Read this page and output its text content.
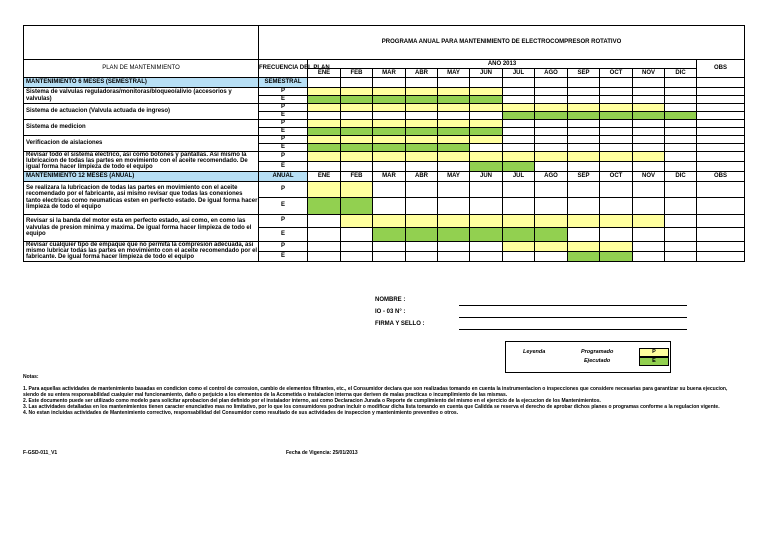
	PROGRAMA ANUAL PARA MANTENIMIENTO DE ELECTROCOMPRESOR ROTATIVO													
PLAN DE MANTENIMIENTO	FRECUENCIA DEL PLAN	AÑO 2013												OBS
		ENE	FEB	MAR	ABR	MAY	JUN	JUL	AGO	SEP	OCT	NOV	DIC	
MANTENIMIENTO 6 MESES (SEMESTRAL)	SEMESTRAL													
Sistema de valvulas reguladoras/monitoras/bloqueo/alivio (accesorios y valvulas)	P													
	E													
Sistema de actuacion (Valvula actuada de ingreso)	P													
	E													
Sistema de medicion	P													
	E													
Verificacion de aislaciones	P													
	E													
Revisar todo el sistema electrico, asi como botones y pantallas. Asi mismo la lubricacion de todas las partes en movimiento con el aceite recomendado. De igual forma hacer limpieza de todo el equipo	P													
	E													
MANTENIMIENTO 12 MESES (ANUAL)	ANUAL	ENE	FEB	MAR	ABR	MAY	JUN	JUL	AGO	SEP	OCT	NOV	DIC	OBS
Se realizara la lubricacion de todas las partes en movimiento con el aceite recomendado por el fabricante, asi mismo revisar que todas las conexiones tanto electricas como neumaticas esten en perfecto estado. De igual forma hacer limpieza de todo el equipo	P													
	E													
Revisar si la banda del motor esta en perfecto estado, asi como, en como las valvulas de presion minima y maxima. De igual forma hacer limpieza de todo el equipo	P													
	E													
Revisar cualquier tipo de empaque que no permita la compresion adecuada, asi mismo lubricar todas las partes en movimiento con el aceite recomendado por el fabricante. De igual forma hacer limpieza de todo el equipo	P													
	E													
NOMBRE :
IO - 03 N° :
FIRMA Y SELLO :
Leyenda	Programado
Ejecutado
P
E

Notas:

1. Para aquellas actividades de mantenimiento basadas en condicion como el control de corrosion, cambio de elementos filtrantes, etc., el Consumidor declara que son realizadas tomando en cuenta la instrumentacion o inspecciones que considere necesarias para garantizar su buena ejecucion, siendo de su entera responsabilidad cualquier mal funcionamiento, daño o perjuicio a los elementos de la Acometida o instalacion interna que deriven de malas practicas o incumplimiento de las mismas.

2. Este documento puede ser utilizado como modelo para solicitar aprobacion del plan definido por el instalador interno, asi como Declaracion Jurada o Reporte de cumplimiento del mismo en el ejercicio de la ejecucion de los Mantenimientos.

3. Las actividades detalladas en los mantenimientos tienen caracter enunciativo mas no limitativo, por lo que los consumidores podran incluir o modificar dicha lista tomando en cuenta que Calidda se reserva el derecho de aprobar dichos planes o programas conforme a la regulacion vigente.

4. No estan incluidas actividades de Mantenimiento correctivo, responsabilidad del Consumidor como resultado de sus actividades de inspeccion y mantenimiento preventivo o otros.

F-GSD-011_V1	Fecha de Vigencia: 25/01/2013
